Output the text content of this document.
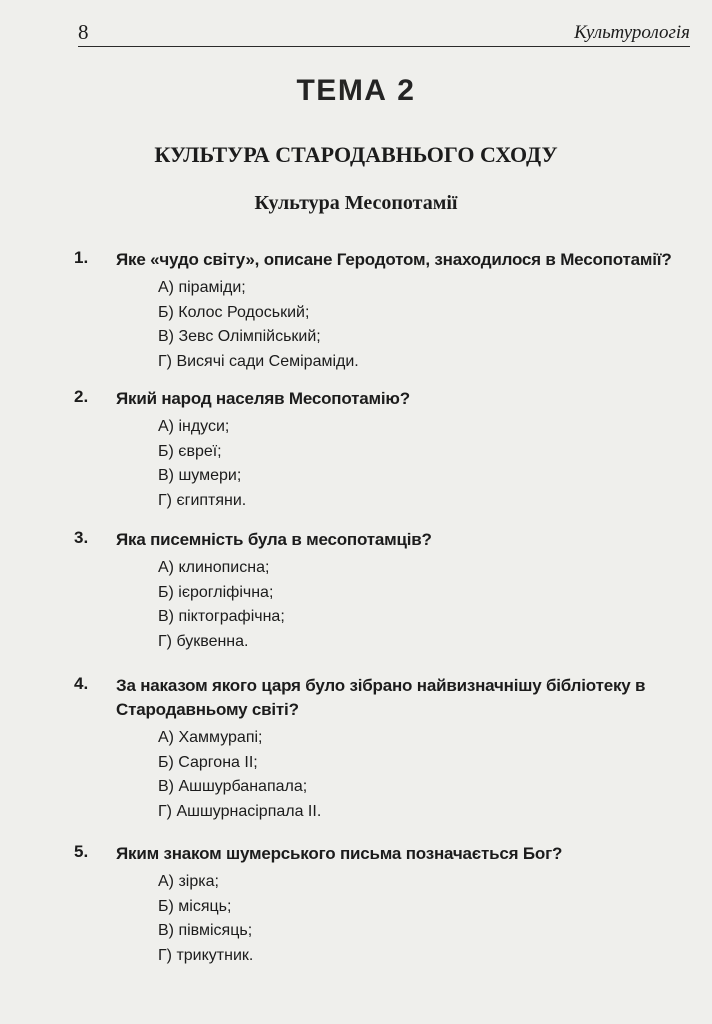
8	Культурологія
ТЕМА 2
КУЛЬТУРА СТАРОДАВНЬОГО СХОДУ
Культура Месопотамії
1.	Яке «чудо світу», описане Геродотом, знаходилося в Месопотамії?
А) піраміди;
Б) Колос Родоський;
В) Зевс Олімпійський;
Г) Висячі сади Семіраміди.
2.	Який народ населяв Месопотамію?
А) індуси;
Б) євреї;
В) шумери;
Г) єгиптяни.
3.	Яка писемність була в месопотамців?
А) клинописна;
Б) ієрогліфічна;
В) піктографічна;
Г) буквенна.
4.	За наказом якого царя було зібрано найвизначнішу бібліотеку в Стародавньому світі?
А) Хаммурапі;
Б) Саргона ІІ;
В) Ашшурбанапала;
Г) Ашшурнасірпала ІІ.
5.	Яким знаком шумерського письма позначається Бог?
А) зірка;
Б) місяць;
В) півмісяць;
Г) трикутник.
